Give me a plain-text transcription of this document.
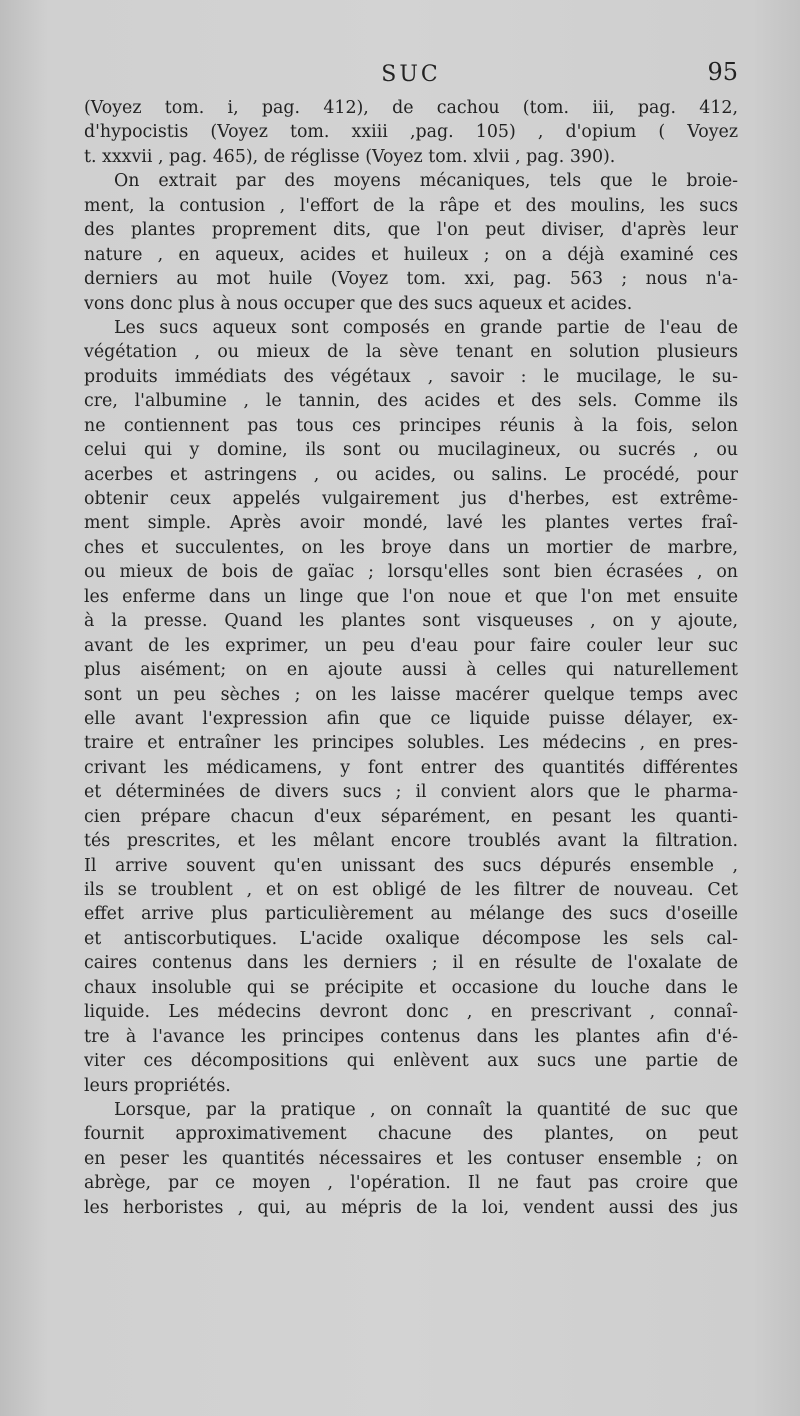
SUC	95
(Voyez tom. i, pag. 412), de cachou (tom. iii, pag. 412,
d'hypocistis (Voyez tom. xxiii ,pag. 105) , d'opium ( Voyez
t. xxxvii , pag. 465), de réglisse (Voyez tom. xlvii , pag. 390).
On extrait par des moyens mécaniques, tels que le broie-
ment, la contusion , l'effort de la râpe et des moulins, les sucs
des plantes proprement dits, que l'on peut diviser, d'après leur
nature , en aqueux, acides et huileux ; on a déjà examiné ces
derniers au mot huile (Voyez tom. xxi, pag. 563 ; nous n'a-
vons donc plus à nous occuper que des sucs aqueux et acides.
Les sucs aqueux sont composés en grande partie de l'eau de
végétation , ou mieux de la sève tenant en solution plusieurs
produits immédiats des végétaux , savoir : le mucilage, le su-
cre, l'albumine , le tannin, des acides et des sels. Comme ils
ne contiennent pas tous ces principes réunis à la fois, selon
celui qui y domine, ils sont ou mucilagineux, ou sucrés , ou
acerbes et astringens , ou acides, ou salins. Le procédé, pour
obtenir ceux appelés vulgairement jus d'herbes, est extrême-
ment simple. Après avoir mondé, lavé les plantes vertes fraî-
ches et succulentes, on les broye dans un mortier de marbre,
ou mieux de bois de gaïac ; lorsqu'elles sont bien écrasées , on
les enferme dans un linge que l'on noue et que l'on met ensuite
à la presse. Quand les plantes sont visqueuses , on y ajoute,
avant de les exprimer, un peu d'eau pour faire couler leur suc
plus aisément; on en ajoute aussi à celles qui naturellement
sont un peu sèches ; on les laisse macérer quelque temps avec
elle avant l'expression afin que ce liquide puisse délayer, ex-
traire et entraîner les principes solubles. Les médecins , en pres-
crivant les médicamens, y font entrer des quantités différentes
et déterminées de divers sucs ; il convient alors que le pharma-
cien prépare chacun d'eux séparément, en pesant les quanti-
tés prescrites, et les mêlant encore troublés avant la filtration.
Il arrive souvent qu'en unissant des sucs dépurés ensemble ,
ils se troublent , et on est obligé de les filtrer de nouveau. Cet
effet arrive plus particulièrement au mélange des sucs d'oseille
et antiscorbutiques. L'acide oxalique décompose les sels cal-
caires contenus dans les derniers ; il en résulte de l'oxalate de
chaux insoluble qui se précipite et occasione du louche dans le
liquide. Les médecins devront donc , en prescrivant , connaî-
tre à l'avance les principes contenus dans les plantes afin d'é-
viter ces décompositions qui enlèvent aux sucs une partie de
leurs propriétés.
Lorsque, par la pratique , on connaît la quantité de suc que
fournit approximativement chacune des plantes, on peut
en peser les quantités nécessaires et les contuser ensemble ; on
abrège, par ce moyen , l'opération. Il ne faut pas croire que
les herboristes , qui, au mépris de la loi, vendent aussi des jus
